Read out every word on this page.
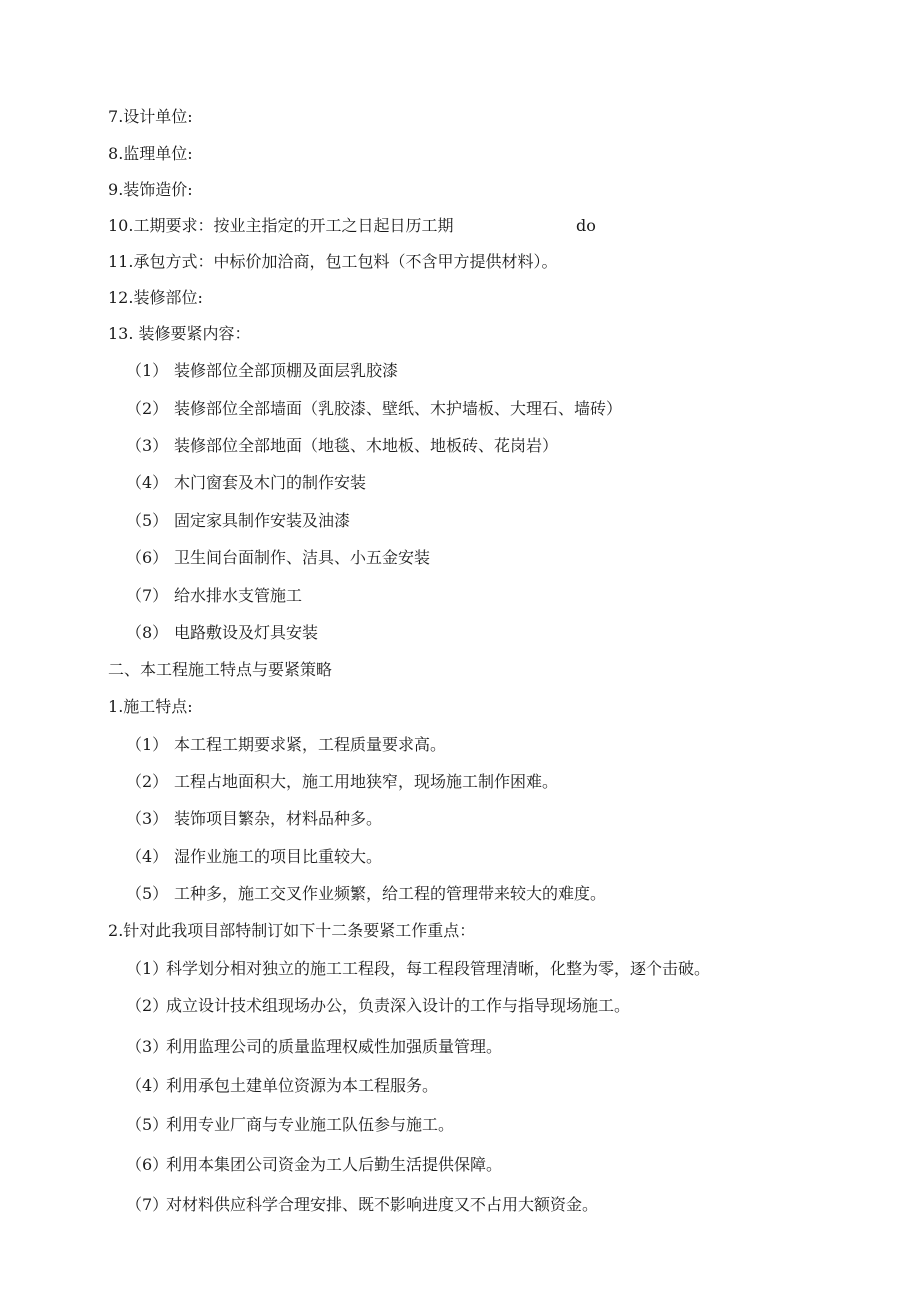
7.设计单位:
8.监理单位:
9.装饰造价:
10.工期要求：按业主指定的开工之日起日历工期	do
11.承包方式：中标价加洽商，包工包料（不含甲方提供材料）。
12.装修部位:
13. 装修要紧内容：
（1） 装修部位全部顶棚及面层乳胶漆
（2） 装修部位全部墙面（乳胶漆、壁纸、木护墙板、大理石、墙砖）
（3） 装修部位全部地面（地毯、木地板、地板砖、花岗岩）
（4） 木门窗套及木门的制作安装
（5） 固定家具制作安装及油漆
（6） 卫生间台面制作、洁具、小五金安装
（7） 给水排水支管施工
（8） 电路敷设及灯具安装
二、本工程施工特点与要紧策略
1.施工特点:
（1） 本工程工期要求紧，工程质量要求高。
（2） 工程占地面积大，施工用地狭窄，现场施工制作困难。
（3） 装饰项目繁杂，材料品种多。
（4） 湿作业施工的项目比重较大。
（5） 工种多，施工交叉作业频繁，给工程的管理带来较大的难度。
2.针对此我项目部特制订如下十二条要紧工作重点：
（1）科学划分相对独立的施工工程段，每工程段管理清晰，化整为零，逐个击破。
（2）成立设计技术组现场办公，负责深入设计的工作与指导现场施工。
（3）利用监理公司的质量监理权威性加强质量管理。
（4）利用承包土建单位资源为本工程服务。
（5）利用专业厂商与专业施工队伍参与施工。
（6）利用本集团公司资金为工人后勤生活提供保障。
（7）对材料供应科学合理安排、既不影响进度又不占用大额资金。
